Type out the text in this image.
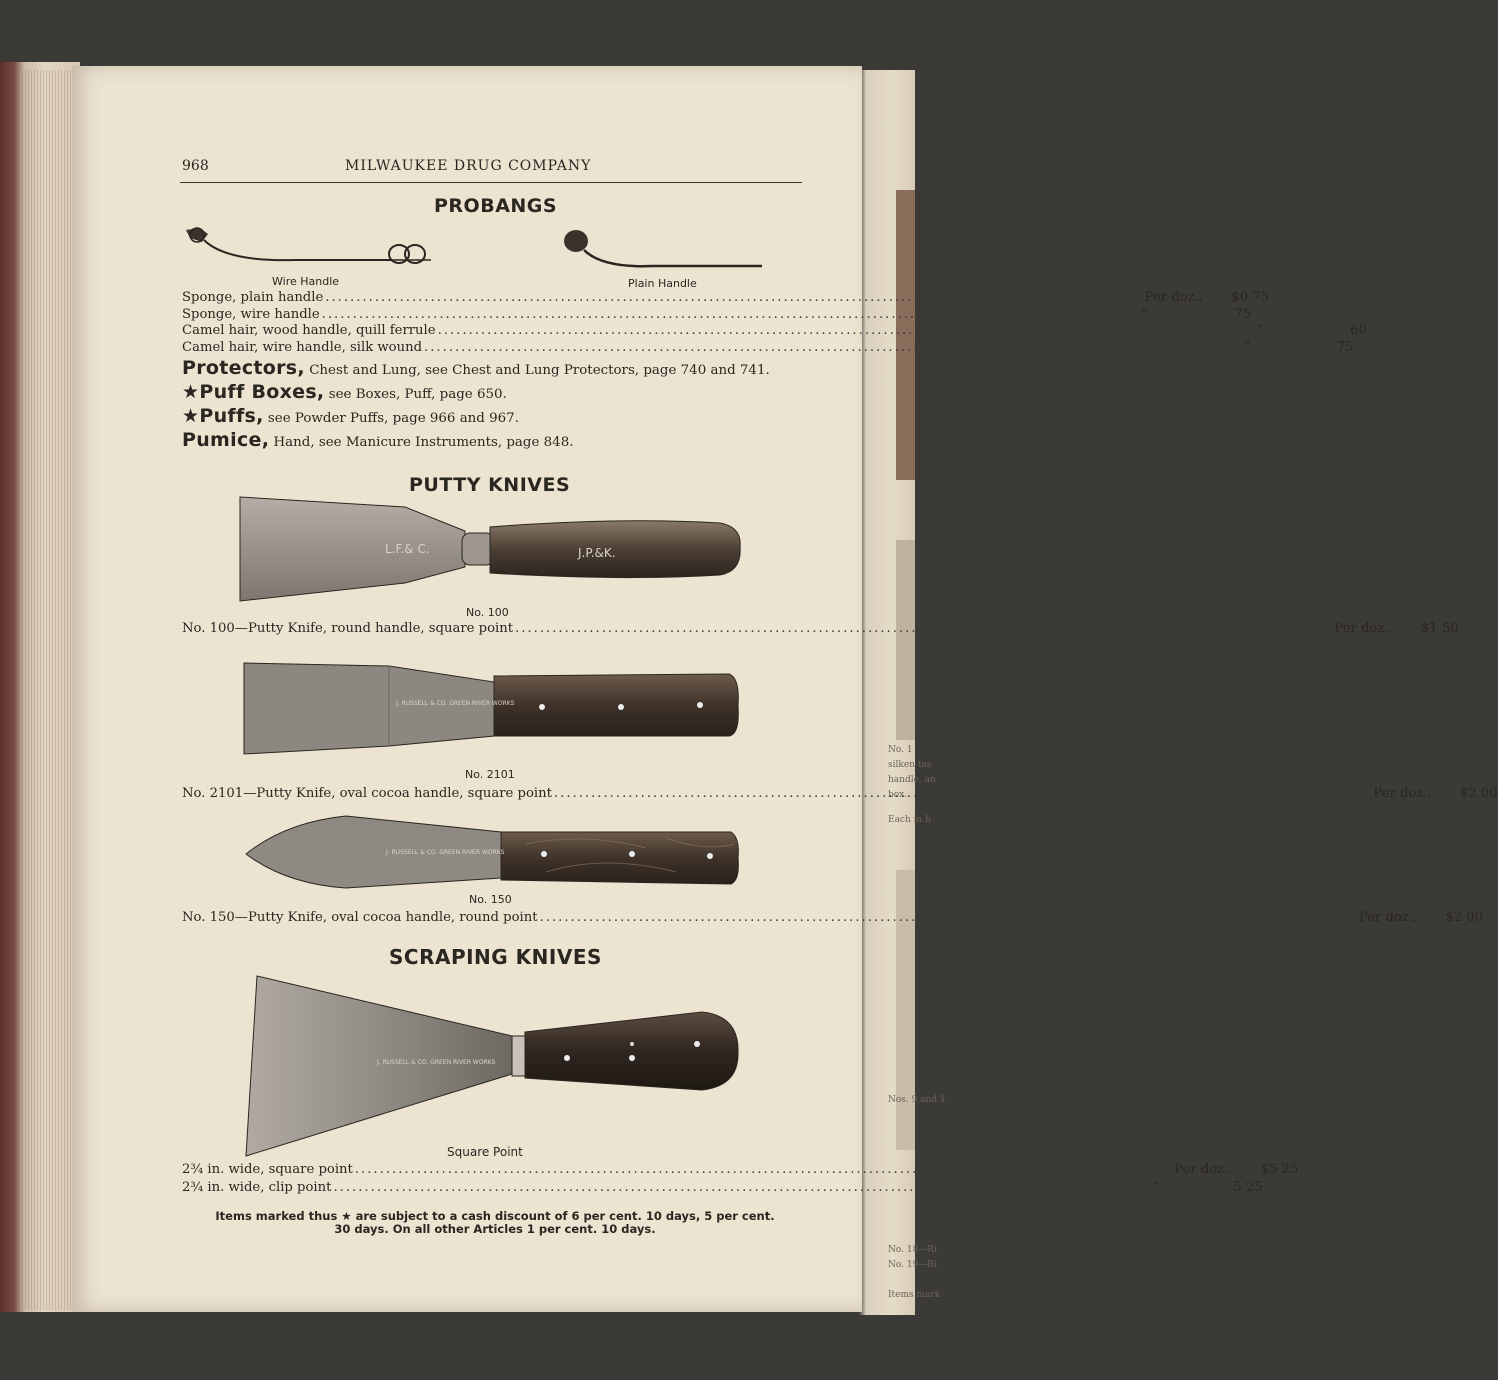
No. 1
silken tas
handle, an
box.
Each in b
Nos. 9 and 1
No. 18—Ri
No. 19—Bi
Items mark
968	MILWAUKEE DRUG COMPANY
PROBANGS
Wire Handle	Plain Handle
Sponge, plain handle .....	Per doz.,	$0 75
Sponge, wire handle .....	“	75
Camel hair, wood handle, quill ferrule .....	“	60
Camel hair, wire handle, silk wound .....	“	75
Protectors, Chest and Lung, see Chest and Lung Protectors, page 740 and 741.
★Puff Boxes, see Boxes, Puff, page 650.
★Puffs, see Powder Puffs, page 966 and 967.
Pumice, Hand, see Manicure Instruments, page 848.
PUTTY KNIVES
L.F.& C.	J.P.&K.
No. 100
No. 100—Putty Knife, round handle, square point .....	Per doz.,	$1 50
J. RUSSELL & CO. GREEN RIVER WORKS
No. 2101
No. 2101—Putty Knife, oval cocoa handle, square point .....	Per doz.,	$2 00
J. RUSSELL & CO. GREEN RIVER WORKS
No. 150
No. 150—Putty Knife, oval cocoa handle, round point .....	Per doz.,	$2 00
SCRAPING KNIVES
J. RUSSELL & CO. GREEN RIVER WORKS
Square Point
2¾ in. wide, square point .....	Per doz.,	$5 25
2¾ in. wide, clip point .....	“	5 25
Items marked thus ★ are subject to a cash discount of 6 per cent. 10 days, 5 per cent.
30 days. On all other Articles 1 per cent. 10 days.
